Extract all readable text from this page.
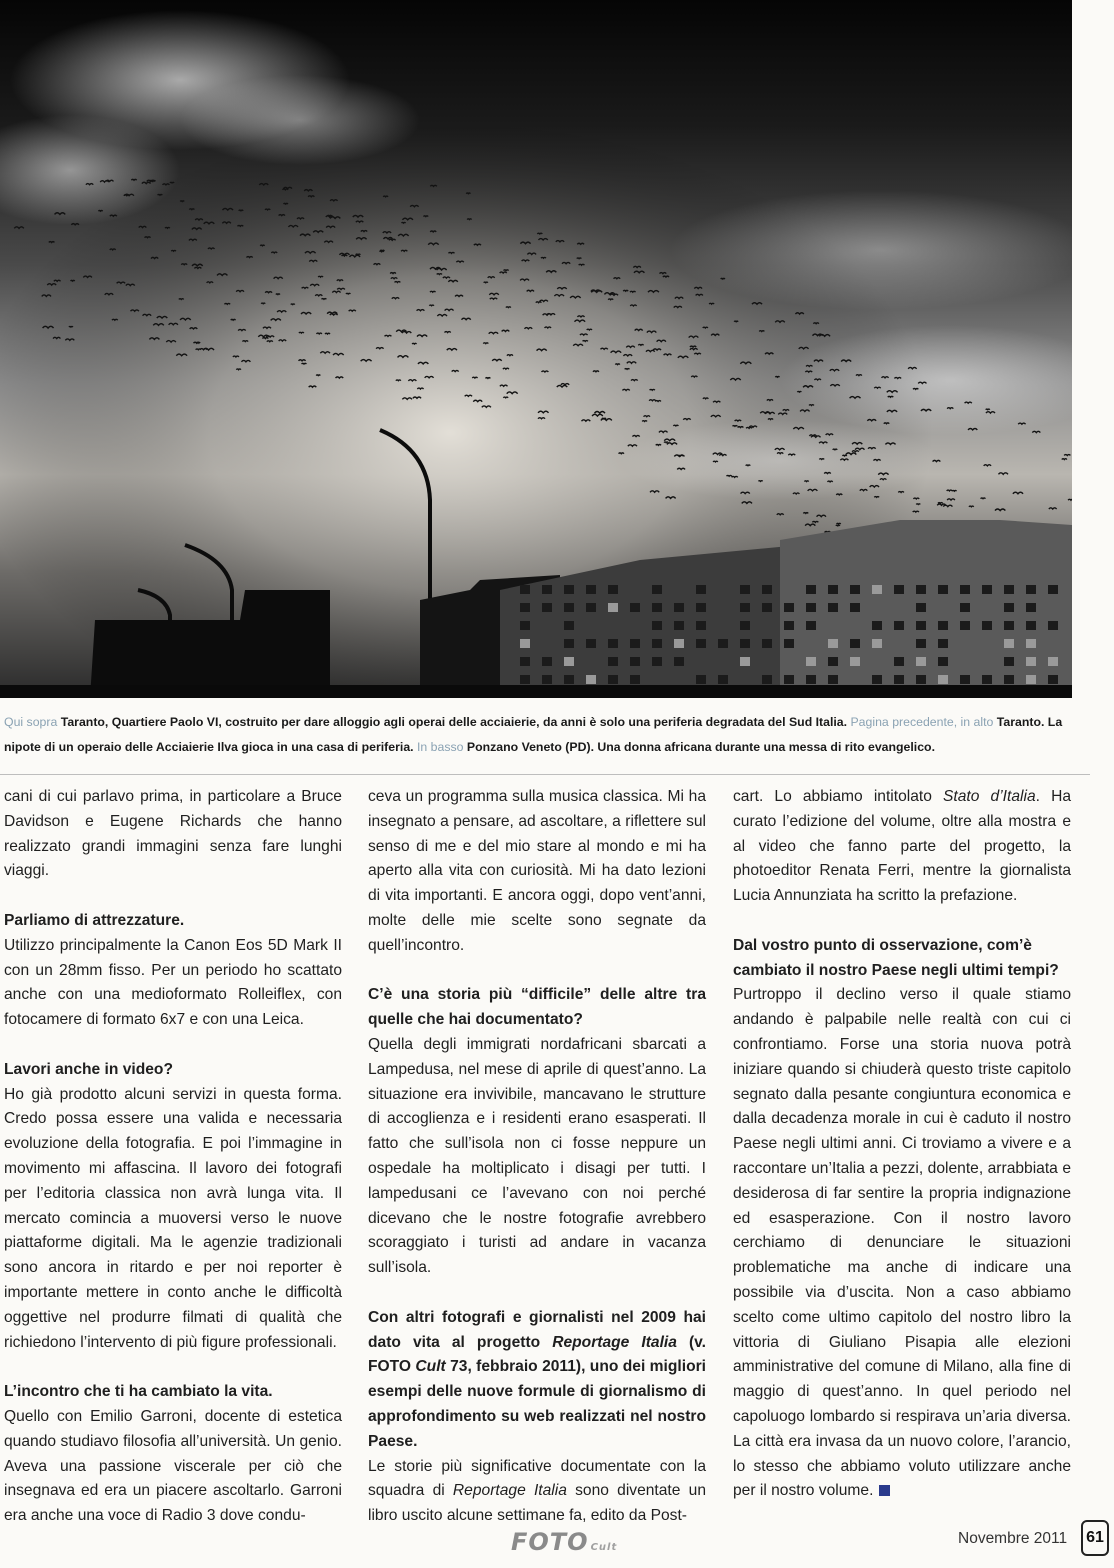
Qui sopra Taranto, Quartiere Paolo VI, costruito per dare alloggio agli operai delle acciaierie, da anni è solo una periferia degradata del Sud Italia. Pagina precedente, in alto Taranto. La nipote di un operaio delle Acciaierie Ilva gioca in una casa di periferia. In basso Ponzano Veneto (PD). Una donna africana durante una messa di rito evangelico.

cani di cui parlavo prima, in particolare a Bruce Davidson e Eugene Richards che hanno realizzato grandi immagini senza fare lunghi viaggi.

Parliamo di attrezzature.

Utilizzo principalmente la Canon Eos 5D Mark II con un 28mm fisso. Per un periodo ho scattato anche con una medioformato Rolleiflex, con fotocamere di formato 6x7 e con una Leica.

Lavori anche in video?

Ho già prodotto alcuni servizi in questa forma. Credo possa essere una valida e necessaria evoluzione della fotografia. E poi l’immagine in movimento mi affascina. Il lavoro dei fotografi per l’editoria classica non avrà lunga vita. Il mercato comincia a muoversi verso le nuove piattaforme digitali. Ma le agenzie tradizionali sono ancora in ritardo e per noi reporter è importante mettere in conto anche le difficoltà oggettive nel produrre filmati di qualità che richiedono l’intervento di più figure professionali.

L’incontro che ti ha cambiato la vita.

Quello con Emilio Garroni, docente di estetica quando studiavo filosofia all’università. Un genio. Aveva una passione viscerale per ciò che insegnava ed era un piacere ascoltarlo. Garroni era anche una voce di Radio 3 dove condu-

ceva un programma sulla musica classica. Mi ha insegnato a pensare, ad ascoltare, a riflettere sul senso di me e del mio stare al mondo e mi ha aperto alla vita con curiosità. Mi ha dato lezioni di vita importanti. E ancora oggi, dopo vent’anni, molte delle mie scelte sono segnate da quell’incontro.

C’è una storia più “difficile” delle altre tra quelle che hai documentato?

Quella degli immigrati nordafricani sbarcati a Lampedusa, nel mese di aprile di quest’anno. La situazione era invivibile, mancavano le strutture di accoglienza e i residenti erano esasperati. Il fatto che sull’isola non ci fosse neppure un ospedale ha moltiplicato i disagi per tutti. I lampedusani ce l’avevano con noi perché dicevano che le nostre fotografie avrebbero scoraggiato i turisti ad andare in vacanza sull’isola.

Con altri fotografi e giornalisti nel 2009 hai dato vita al progetto Reportage Italia (v. FOTO Cult 73, febbraio 2011), uno dei migliori esempi delle nuove formule di giornalismo di approfondimento su web realizzati nel nostro Paese.

Le storie più significative documentate con la squadra di Reportage Italia sono diventate un libro uscito alcune settimane fa, edito da Post-

cart. Lo abbiamo intitolato Stato d’Italia. Ha curato l’edizione del volume, oltre alla mostra e al video che fanno parte del progetto, la photoeditor Renata Ferri, mentre la giornalista Lucia Annunziata ha scritto la prefazione.

Dal vostro punto di osservazione, com’è cambiato il nostro Paese negli ultimi tempi?

Purtroppo il declino verso il quale stiamo andando è palpabile nelle realtà con cui ci confrontiamo. Forse una storia nuova potrà iniziare quando si chiuderà questo triste capitolo segnato dalla pesante congiuntura economica e dalla decadenza morale in cui è caduto il nostro Paese negli ultimi anni. Ci troviamo a vivere e a raccontare un’Italia a pezzi, dolente, arrabbiata e desiderosa di far sentire la propria indignazione ed esasperazione. Con il nostro lavoro cerchiamo di denunciare le situazioni problematiche ma anche di indicare una possibile via d’uscita. Non a caso abbiamo scelto come ultimo capitolo del nostro libro la vittoria di Giuliano Pisapia alle elezioni amministrative del comune di Milano, alla fine di maggio di quest’anno. In quel periodo nel capoluogo lombardo si respirava un’aria diversa. La città era invasa da un nuovo colore, l’arancio, lo stesso che abbiamo voluto utilizzare anche per il nostro volume.

FOTO Cult
Novembre 2011	61
